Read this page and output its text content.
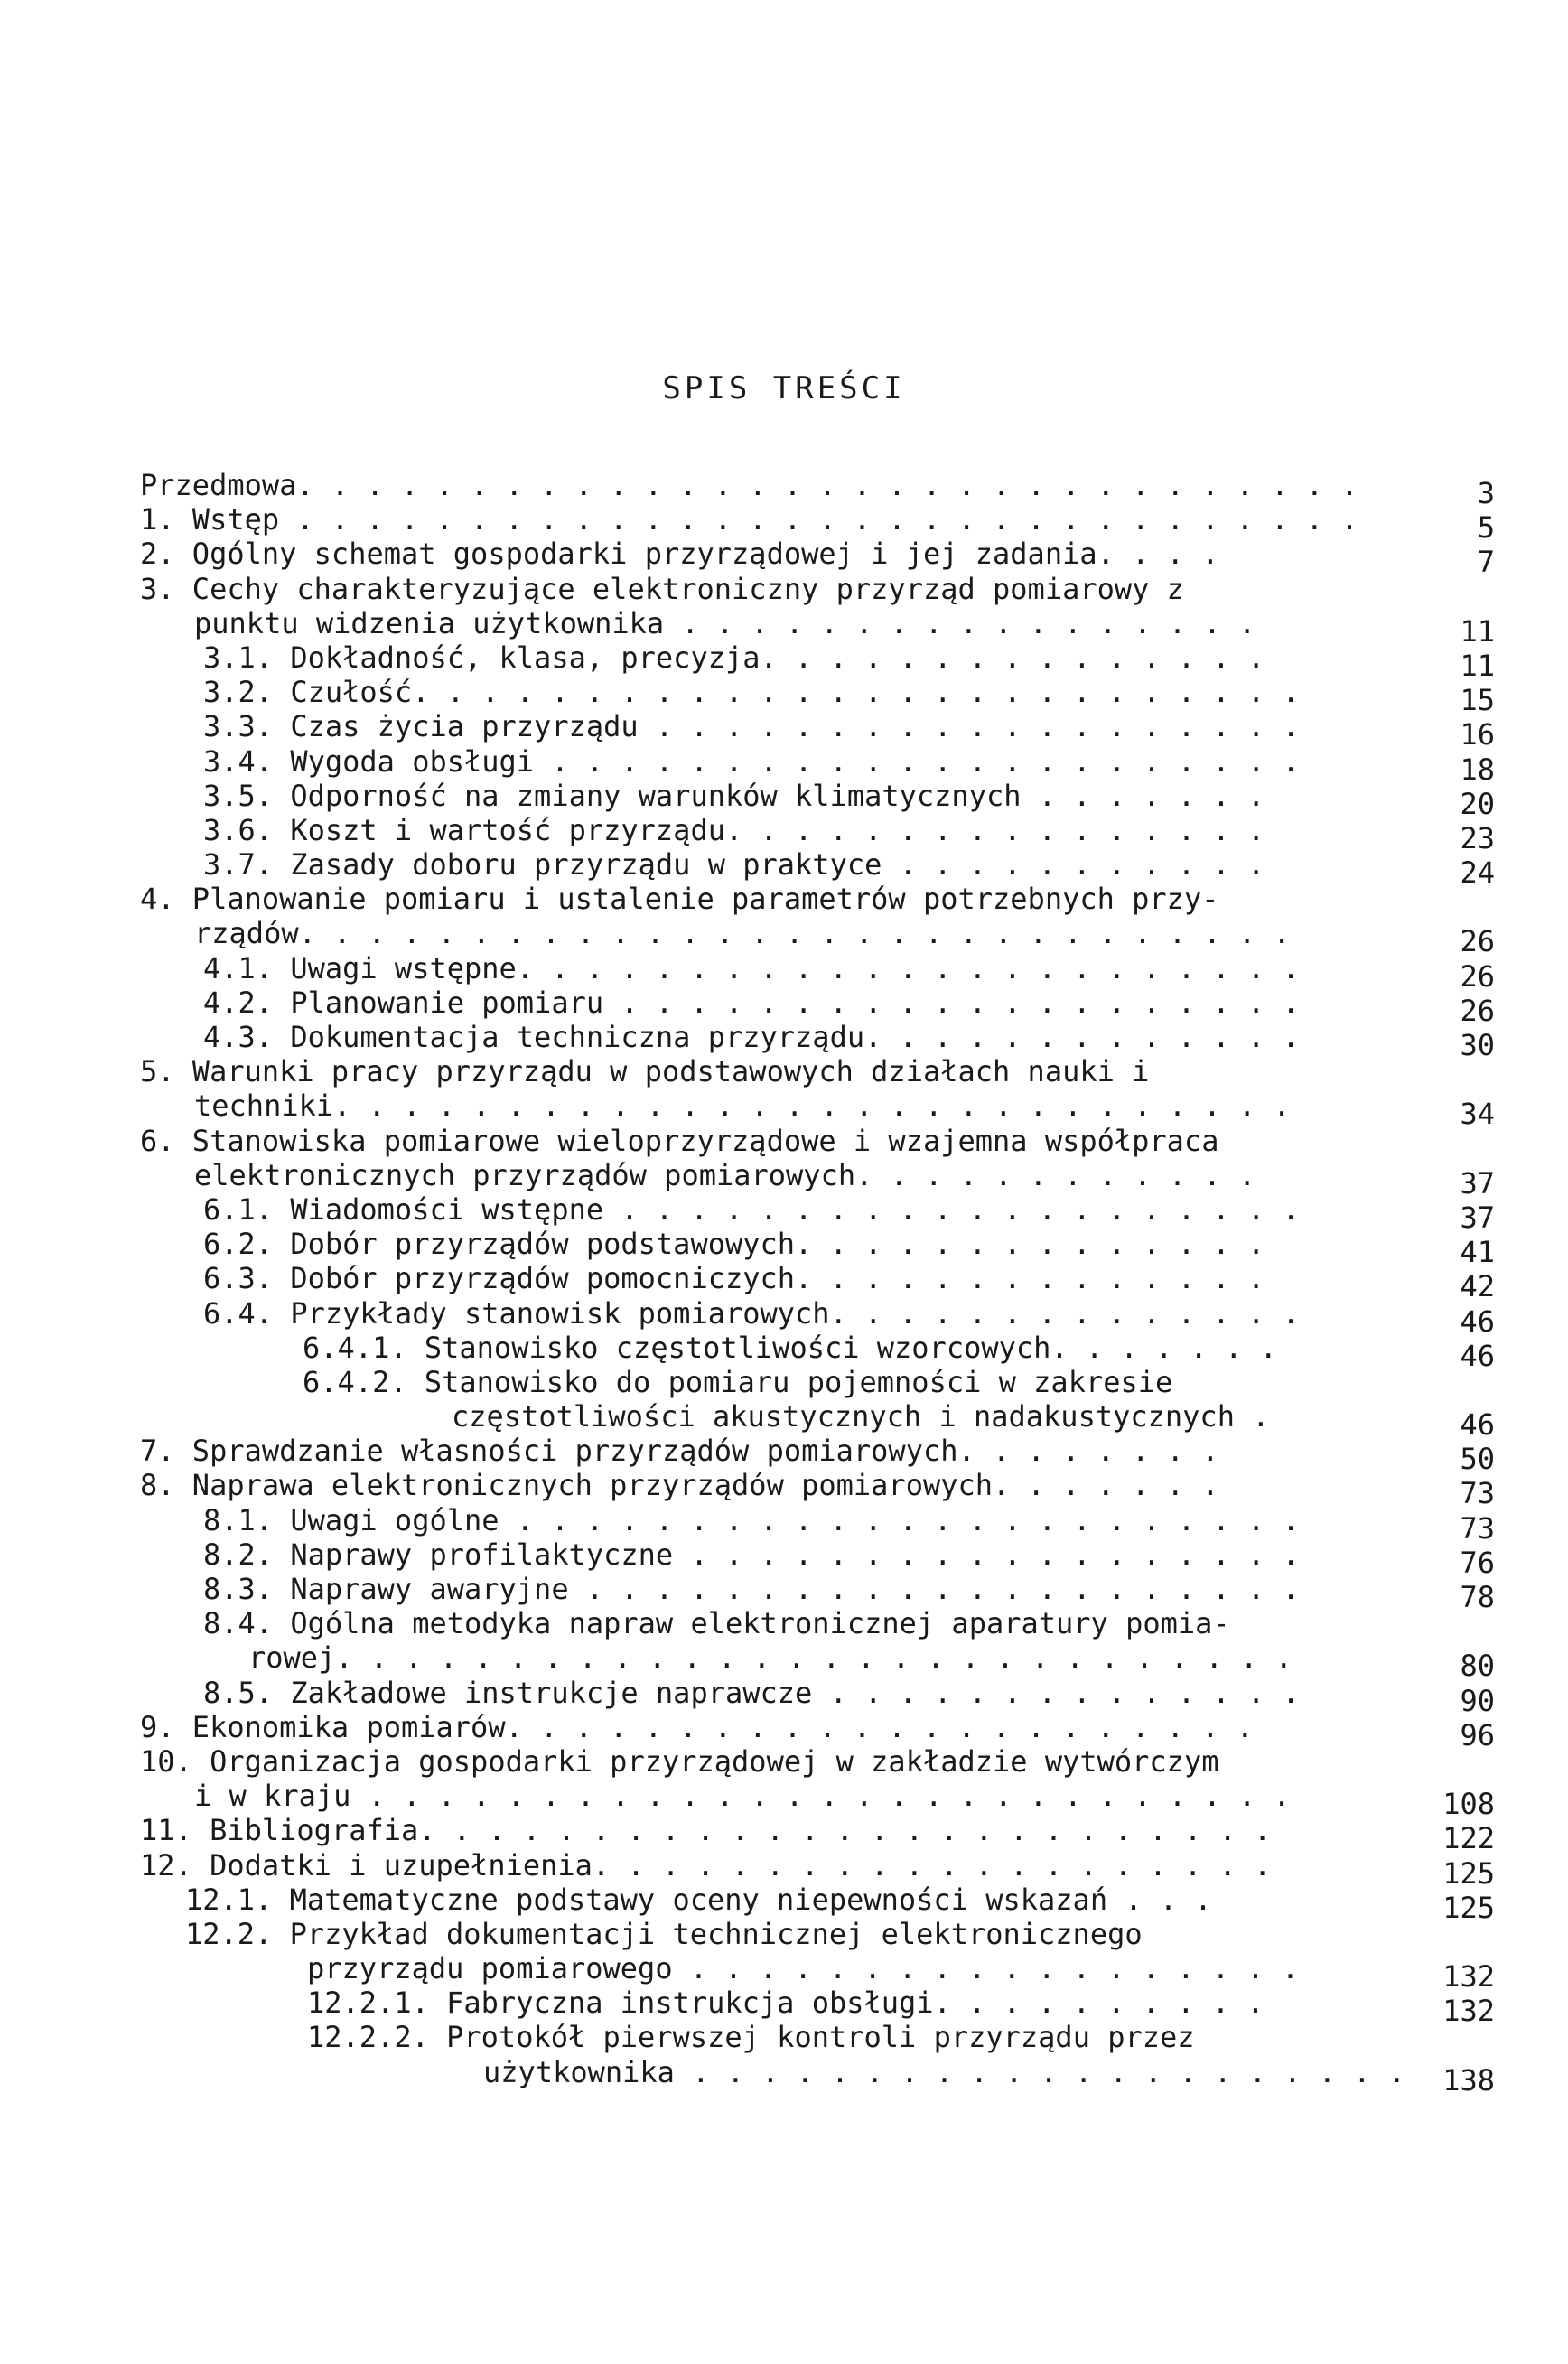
SPIS TREŚCI
Przedmowa. . . . . . . . . . . . . . . . . . . . . . . . . . . . . . .	3
1. Wstęp . . . . . . . . . . . . . . . . . . . . . . . . . . . . . . .	5
2. Ogólny schemat gospodarki przyrządowej i jej zadania. . . .	7
3. Cechy charakteryzujące elektroniczny przyrząd pomiarowy z
punktu widzenia użytkownika . . . . . . . . . . . . . . . . .	11
3.1. Dokładność, klasa, precyzja. . . . . . . . . . . . . . .	11
3.2. Czułość. . . . . . . . . . . . . . . . . . . . . . . . . .	15
3.3. Czas życia przyrządu . . . . . . . . . . . . . . . . . . .	16
3.4. Wygoda obsługi . . . . . . . . . . . . . . . . . . . . . .	18
3.5. Odporność na zmiany warunków klimatycznych . . . . . . .	20
3.6. Koszt i wartość przyrządu. . . . . . . . . . . . . . . .	23
3.7. Zasady doboru przyrządu w praktyce . . . . . . . . . . .	24
4. Planowanie pomiaru i ustalenie parametrów potrzebnych przy-
rządów. . . . . . . . . . . . . . . . . . . . . . . . . . . . .	26
4.1. Uwagi wstępne. . . . . . . . . . . . . . . . . . . . . . .	26
4.2. Planowanie pomiaru . . . . . . . . . . . . . . . . . . . .	26
4.3. Dokumentacja techniczna przyrządu. . . . . . . . . . . . .	30
5. Warunki pracy przyrządu w podstawowych działach nauki i
techniki. . . . . . . . . . . . . . . . . . . . . . . . . . . .	34
6. Stanowiska pomiarowe wieloprzyrządowe i wzajemna współpraca
elektronicznych przyrządów pomiarowych. . . . . . . . . . . .	37
6.1. Wiadomości wstępne . . . . . . . . . . . . . . . . . . . .	37
6.2. Dobór przyrządów podstawowych. . . . . . . . . . . . . .	41
6.3. Dobór przyrządów pomocniczych. . . . . . . . . . . . . .	42
6.4. Przykłady stanowisk pomiarowych. . . . . . . . . . . . . .	46
6.4.1. Stanowisko częstotliwości wzorcowych. . . . . . .	46
6.4.2. Stanowisko do pomiaru pojemności w zakresie
częstotliwości akustycznych i nadakustycznych .	46
7. Sprawdzanie własności przyrządów pomiarowych. . . . . . . .	50
8. Naprawa elektronicznych przyrządów pomiarowych. . . . . . .	73
8.1. Uwagi ogólne . . . . . . . . . . . . . . . . . . . . . . .	73
8.2. Naprawy profilaktyczne . . . . . . . . . . . . . . . . . .	76
8.3. Naprawy awaryjne . . . . . . . . . . . . . . . . . . . . .	78
8.4. Ogólna metodyka napraw elektronicznej aparatury pomia-
rowej. . . . . . . . . . . . . . . . . . . . . . . . . . . .	80
8.5. Zakładowe instrukcje naprawcze . . . . . . . . . . . . . .	90
9. Ekonomika pomiarów. . . . . . . . . . . . . . . . . . . . . .	96
10. Organizacja gospodarki przyrządowej w zakładzie wytwórczym
i w kraju . . . . . . . . . . . . . . . . . . . . . . . . . . .	108
11. Bibliografia. . . . . . . . . . . . . . . . . . . . . . . . .	122
12. Dodatki i uzupełnienia. . . . . . . . . . . . . . . . . . . .	125
12.1. Matematyczne podstawy oceny niepewności wskazań . . .	125
12.2. Przykład dokumentacji technicznej elektronicznego
przyrządu pomiarowego . . . . . . . . . . . . . . . . . .	132
12.2.1. Fabryczna instrukcja obsługi. . . . . . . . . .	132
12.2.2. Protokół pierwszej kontroli przyrządu przez
użytkownika . . . . . . . . . . . . . . . . . . . . .	138
